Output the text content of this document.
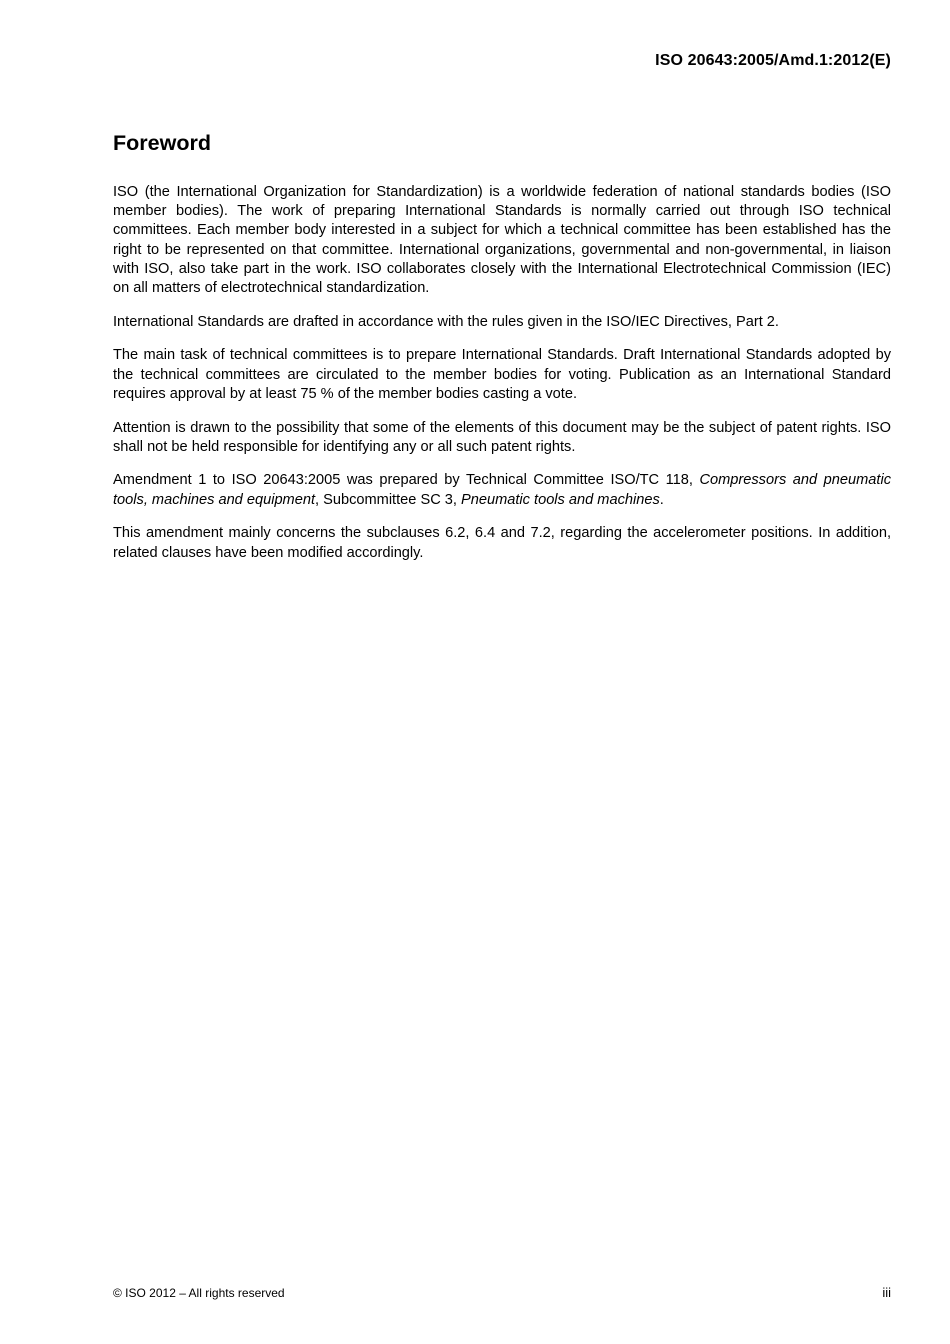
ISO 20643:2005/Amd.1:2012(E)
Foreword

ISO (the International Organization for Standardization) is a worldwide federation of national standards bodies (ISO member bodies). The work of preparing International Standards is normally carried out through ISO technical committees. Each member body interested in a subject for which a technical committee has been established has the right to be represented on that committee. International organizations, governmental and non-governmental, in liaison with ISO, also take part in the work. ISO collaborates closely with the International Electrotechnical Commission (IEC) on all matters of electrotechnical standardization.

International Standards are drafted in accordance with the rules given in the ISO/IEC Directives, Part 2.

The main task of technical committees is to prepare International Standards. Draft International Standards adopted by the technical committees are circulated to the member bodies for voting. Publication as an International Standard requires approval by at least 75 % of the member bodies casting a vote.

Attention is drawn to the possibility that some of the elements of this document may be the subject of patent rights. ISO shall not be held responsible for identifying any or all such patent rights.

Amendment 1 to ISO 20643:2005 was prepared by Technical Committee ISO/TC 118, Compressors and pneumatic tools, machines and equipment, Subcommittee SC 3, Pneumatic tools and machines.

This amendment mainly concerns the subclauses 6.2, 6.4 and 7.2, regarding the accelerometer positions. In addition, related clauses have been modified accordingly.

© ISO 2012 – All rights reserved	iii
